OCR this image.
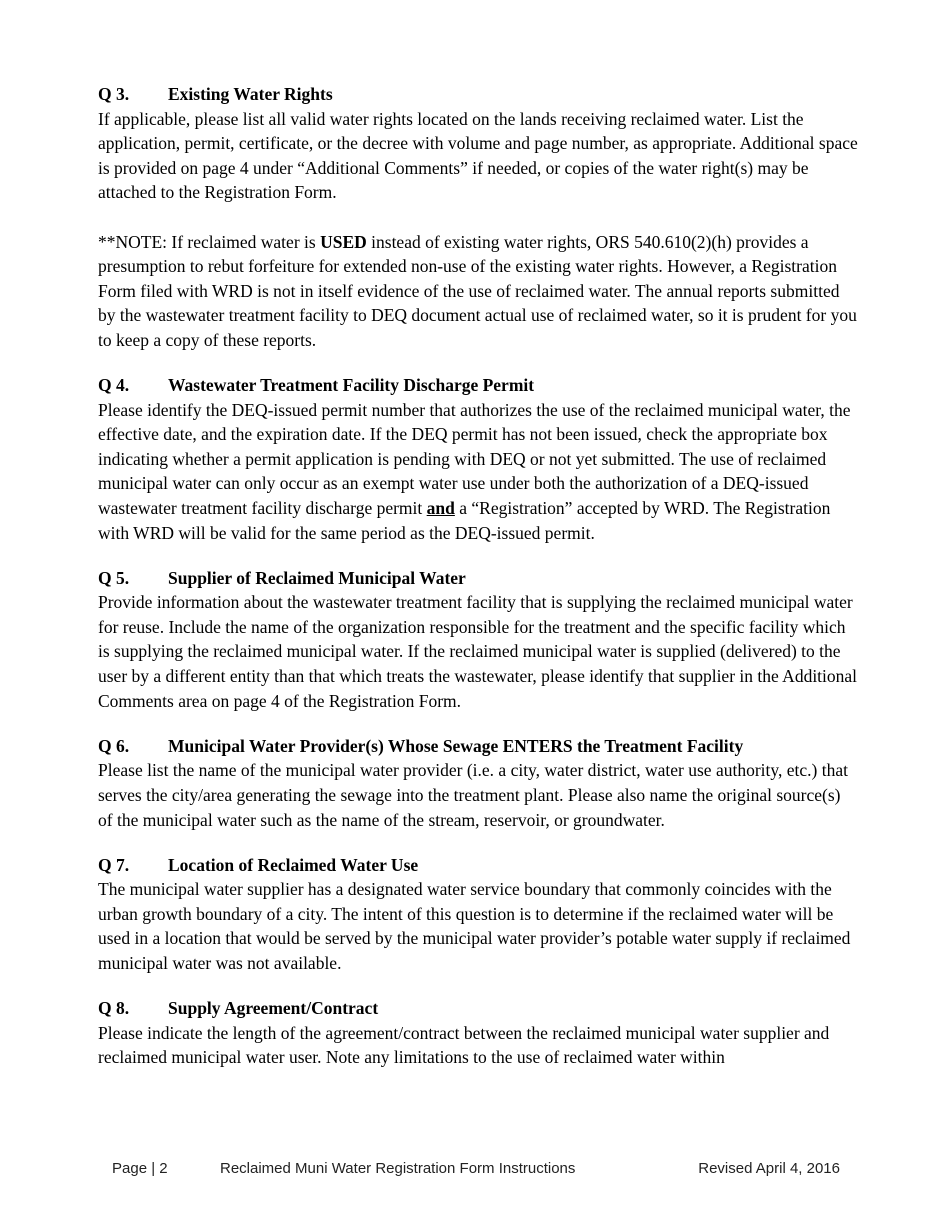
Q 3.	Existing Water Rights

If applicable, please list all valid water rights located on the lands receiving reclaimed water. List the application, permit, certificate, or the decree with volume and page number, as appropriate. Additional space is provided on page 4 under “Additional Comments” if needed, or copies of the water right(s) may be attached to the Registration Form.

**NOTE: If reclaimed water is USED instead of existing water rights, ORS 540.610(2)(h) provides a presumption to rebut forfeiture for extended non-use of the existing water rights. However, a Registration Form filed with WRD is not in itself evidence of the use of reclaimed water. The annual reports submitted by the wastewater treatment facility to DEQ document actual use of reclaimed water, so it is prudent for you to keep a copy of these reports.

Q 4.	Wastewater Treatment Facility Discharge Permit

Please identify the DEQ-issued permit number that authorizes the use of the reclaimed municipal water, the effective date, and the expiration date. If the DEQ permit has not been issued, check the appropriate box indicating whether a permit application is pending with DEQ or not yet submitted. The use of reclaimed municipal water can only occur as an exempt water use under both the authorization of a DEQ-issued wastewater treatment facility discharge permit and a “Registration” accepted by WRD. The Registration with WRD will be valid for the same period as the DEQ-issued permit.

Q 5.	Supplier of Reclaimed Municipal Water

Provide information about the wastewater treatment facility that is supplying the reclaimed municipal water for reuse. Include the name of the organization responsible for the treatment and the specific facility which is supplying the reclaimed municipal water. If the reclaimed municipal water is supplied (delivered) to the user by a different entity than that which treats the wastewater, please identify that supplier in the Additional Comments area on page 4 of the Registration Form.

Q 6.	Municipal Water Provider(s) Whose Sewage ENTERS the Treatment Facility

Please list the name of the municipal water provider (i.e. a city, water district, water use authority, etc.) that serves the city/area generating the sewage into the treatment plant. Please also name the original source(s) of the municipal water such as the name of the stream, reservoir, or groundwater.

Q 7.	Location of Reclaimed Water Use

The municipal water supplier has a designated water service boundary that commonly coincides with the urban growth boundary of a city. The intent of this question is to determine if the reclaimed water will be used in a location that would be served by the municipal water provider’s potable water supply if reclaimed municipal water was not available.

Q 8.	Supply Agreement/Contract

Please indicate the length of the agreement/contract between the reclaimed municipal water supplier and reclaimed municipal water user. Note any limitations to the use of reclaimed water within

Page | 2	Reclaimed Muni Water Registration Form Instructions	Revised April 4, 2016
